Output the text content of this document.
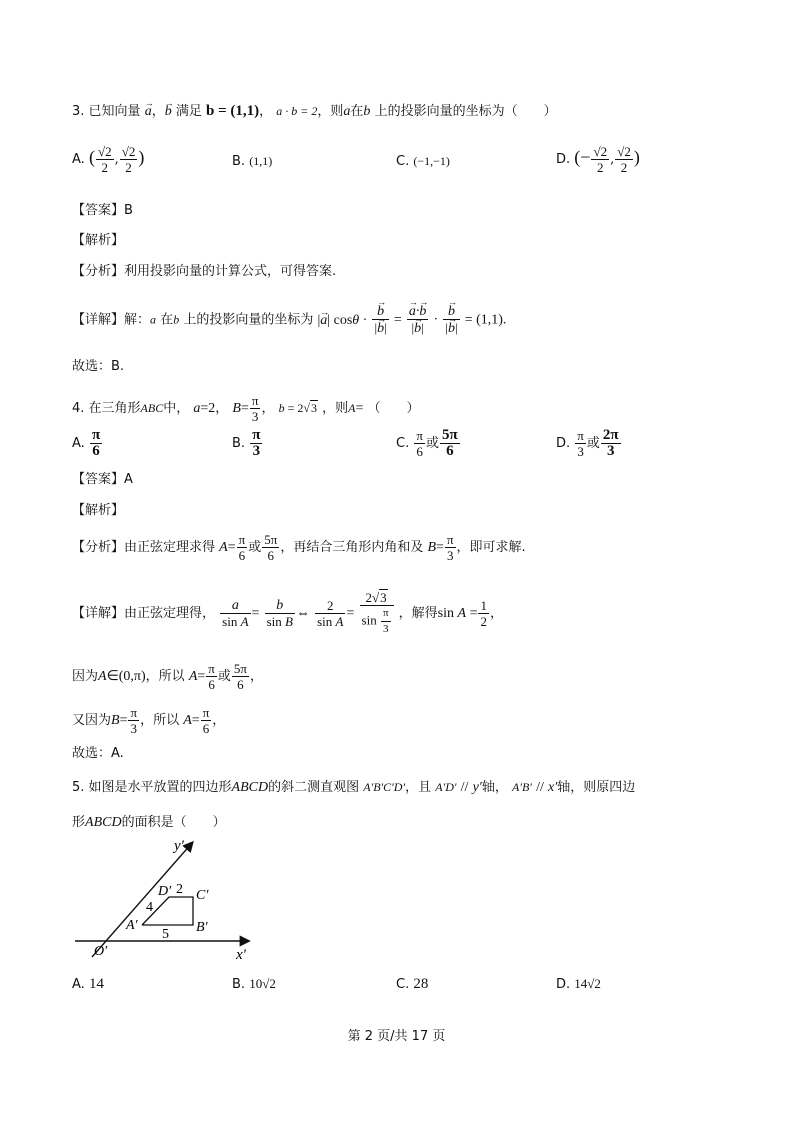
3. 已知向量 → a，→ b 满足 b = (1,1)， a · b = 2，则a在b 上的投影向量的坐标为（　　）
A. ( $\frac{√2}{2}$ , $\frac{√2}{2}$ )	B. (1,1)	C. (−1,−1)	D. (− $\frac{√2}{2}$ , $\frac{√2}{2}$ )
【答案】B
【解析】
【分析】利用投影向量的计算公式，可得答案.
【详解】解：a 在b 上的投影向量的坐标为 |→ a| cosθ · → $\frac{b}{|\to b|}$ = → $\frac{a\cdot\to b}{|\to b|}$ · → $\frac{b}{|\to b|} = (1,1)$.
故选：B.
4. 在三角形ABC中， a=2， $B= \frac{\pi}{3}$ ， b = 2√3 ，则A= （　　）
A. $\frac{\pi}{6}$	B. $\frac{\pi}{3}$	C. $\frac{\pi}{6}$ 或 $\frac{5\pi}{6}$	D. $\frac{\pi}{3}$ 或 $\frac{2\pi}{3}$
【答案】A
【解析】
【分析】由正弦定理求得 $A= \frac{\pi}{6}$ 或 $\frac{5\pi}{6}$ ，再结合三角形内角和及 $B= \frac{\pi}{3}$ ，即可求解.
【详解】由正弦定理得， $\frac{a}{\text{sin A}} = \frac{b}{\text{sin B}}$ ⇔ $\frac{2}{\text{sin A}} = \frac{2√3}{\sin \frac{\pi}{3}}$ ，解得$\sin A = \frac{1}{2}$ ，
因为A∈(0,π)，所以 $A= \frac{\pi}{6}$ 或 $\frac{5\pi}{6}$ ，
又因为$B= \frac{\pi}{3}$ ，所以 $A= \frac{\pi}{6}$ ，
故选：A.
5. 如图是水平放置的四边形ABCD的斜二测直观图 A′B′C′D′，且 A′D′ // y′轴， A′B′ // x′轴，则原四边
形ABCD的面积是（　　）
y′
x′
O′
A′	B′
C′
D′ 2
4
5
A. 14	B. 10√2	C. 28	D. 14√2
第 2 页/共 17 页
